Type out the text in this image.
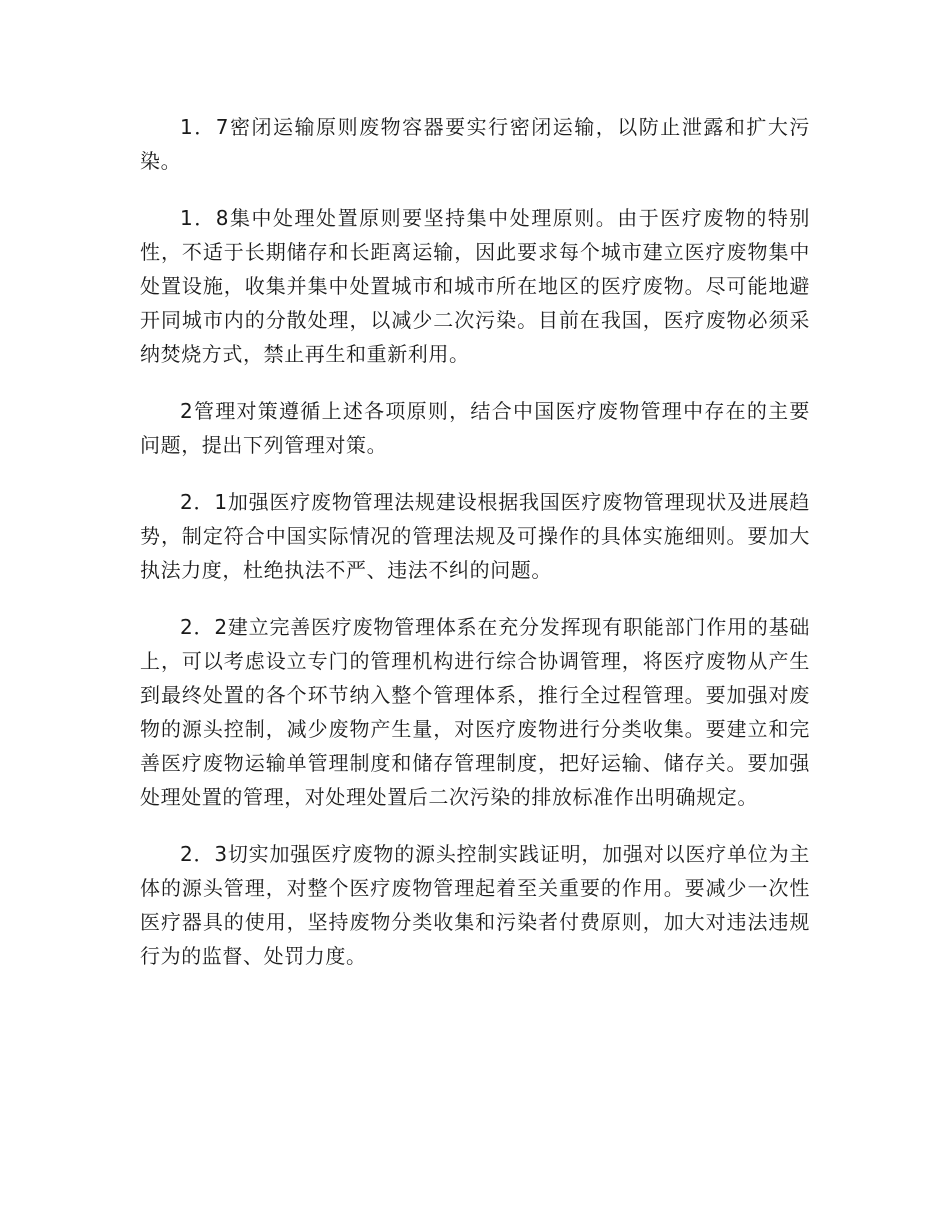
1．7密闭运输原则废物容器要实行密闭运输，以防止泄露和扩大污染。

1．8集中处理处置原则要坚持集中处理原则。由于医疗废物的特别性，不适于长期储存和长距离运输，因此要求每个城市建立医疗废物集中处置设施，收集并集中处置城市和城市所在地区的医疗废物。尽可能地避开同城市内的分散处理，以减少二次污染。目前在我国，医疗废物必须采纳焚烧方式，禁止再生和重新利用。

2管理对策遵循上述各项原则，结合中国医疗废物管理中存在的主要问题，提出下列管理对策。

2．1加强医疗废物管理法规建设根据我国医疗废物管理现状及进展趋势，制定符合中国实际情况的管理法规及可操作的具体实施细则。要加大执法力度，杜绝执法不严、违法不纠的问题。

2．2建立完善医疗废物管理体系在充分发挥现有职能部门作用的基础上，可以考虑设立专门的管理机构进行综合协调管理，将医疗废物从产生到最终处置的各个环节纳入整个管理体系，推行全过程管理。要加强对废物的源头控制，减少废物产生量，对医疗废物进行分类收集。要建立和完善医疗废物运输单管理制度和储存管理制度，把好运输、储存关。要加强处理处置的管理，对处理处置后二次污染的排放标准作出明确规定。

2．3切实加强医疗废物的源头控制实践证明，加强对以医疗单位为主体的源头管理，对整个医疗废物管理起着至关重要的作用。要减少一次性医疗器具的使用，坚持废物分类收集和污染者付费原则，加大对违法违规行为的监督、处罚力度。
